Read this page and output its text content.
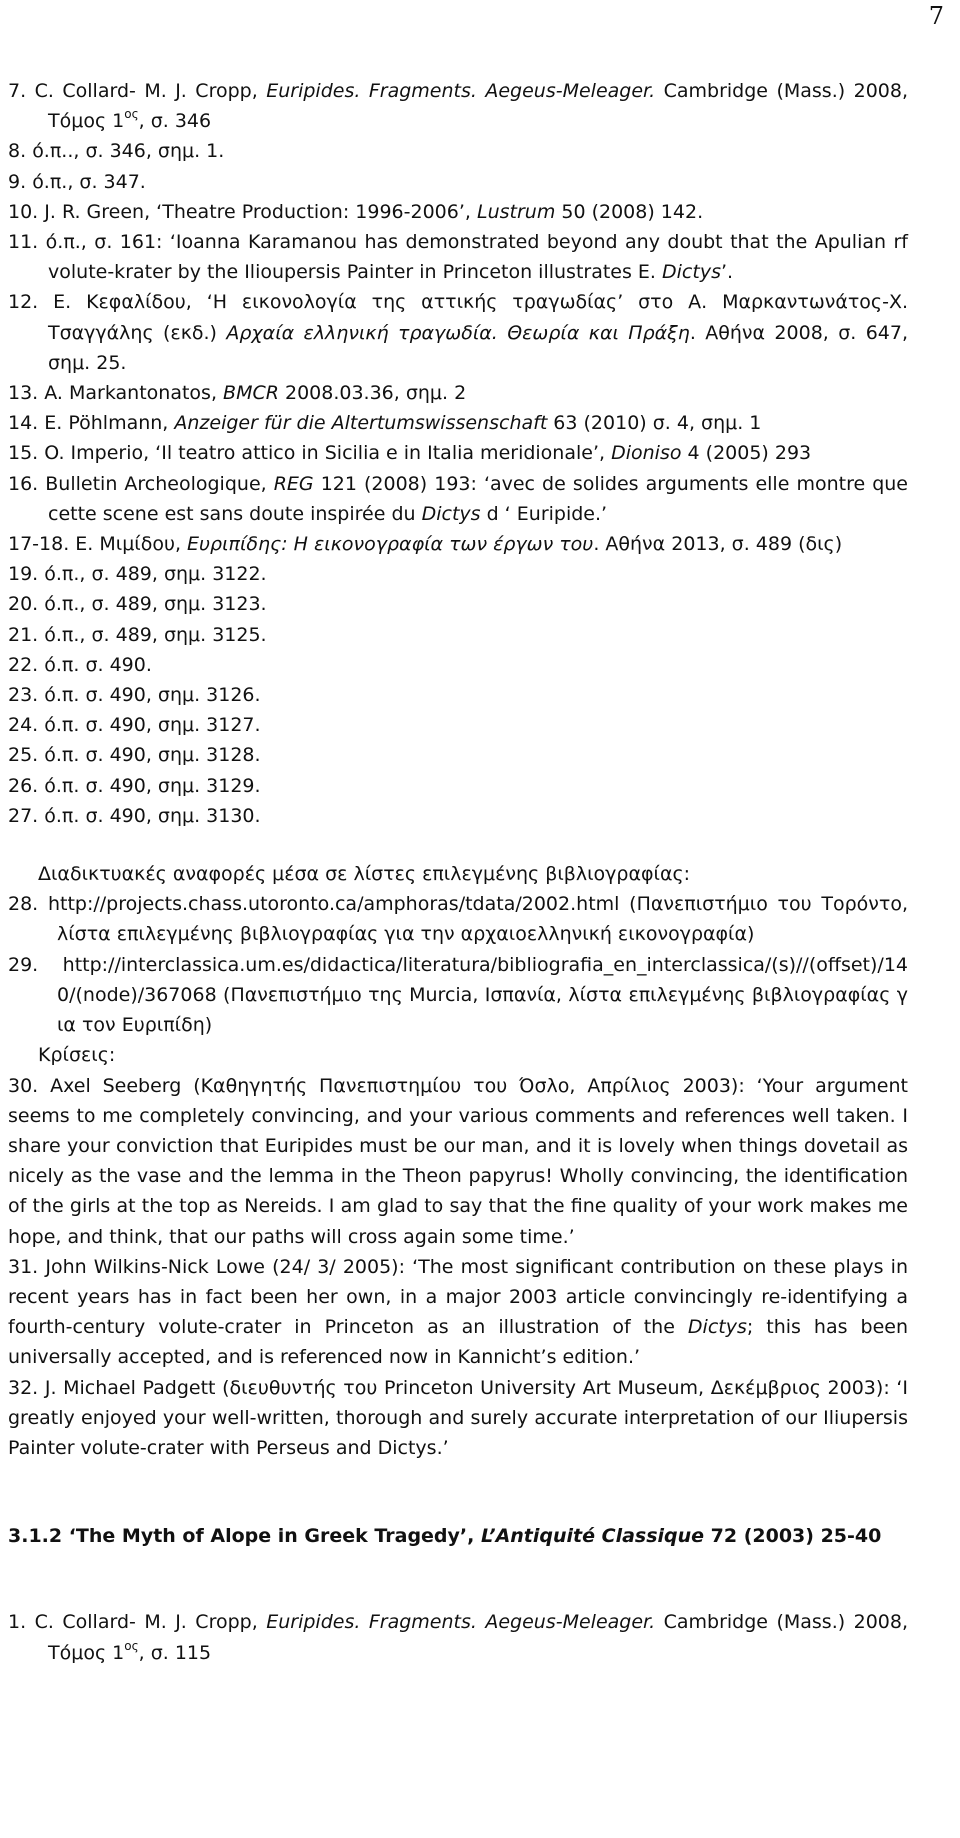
7

7. C. Collard- M. J. Cropp, Euripides. Fragments. Aegeus-Meleager. Cambridge (Mass.) 2008, Τόμος $1^{o\varsigma}$, σ. 346

8. ό.π.., σ. 346, σημ. 1.

9. ό.π., σ. 347.

10. J. R. Green, ‘Theatre Production: 1996-2006’, Lustrum 50 (2008) 142.

11. ό.π., σ. 161: ‘Ioanna Karamanou has demonstrated beyond any doubt that the Apulian rf volute-krater by the Ilioupersis Painter in Princeton illustrates E. Dictys’.

12. E. Κεφαλίδου, ‘Η εικονολογία της αττικής τραγωδίας’ στο Α. Μαρκαντωνάτος-Χ. Τσαγγάλης (εκδ.) Αρχαία ελληνική τραγωδία. Θεωρία και Πράξη. Αθήνα 2008, σ. 647, σημ. 25.

13. A. Markantonatos, BMCR 2008.03.36, σημ. 2

14. E. Pöhlmann, Anzeiger für die Altertumswissenschaft 63 (2010) σ. 4, σημ. 1

15. O. Imperio, ‘Il teatro attico in Sicilia e in Italia meridionale’, Dioniso 4 (2005) 293

16. Bulletin Archeologique, REG 121 (2008) 193: ‘avec de solides arguments elle montre que cette scene est sans doute inspirée du Dictys d ‘ Euripide.’

17-18. E. Μιμίδου, Ευριπίδης: Η εικονογραφία των έργων του. Αθήνα 2013, σ. 489 (δις)

19. ό.π., σ. 489, σημ. 3122.

20. ό.π., σ. 489, σημ. 3123.

21. ό.π., σ. 489, σημ. 3125.

22. ό.π. σ. 490.

23. ό.π. σ. 490, σημ. 3126.

24. ό.π. σ. 490, σημ. 3127.

25. ό.π. σ. 490, σημ. 3128.

26. ό.π. σ. 490, σημ. 3129.

27. ό.π. σ. 490, σημ. 3130.

Διαδικτυακές αναφορές μέσα σε λίστες επιλεγμένης βιβλιογραφίας:

28. http://projects.chass.utoronto.ca/amphoras/tdata/2002.html (Πανεπιστήμιο του Τορόντο, λίστα επιλεγμένης βιβλιογραφίας για την αρχαιοελληνική εικονογραφία)

29. http://interclassica.um.es/didactica/literatura/bibliografia_en_interclassica/(s)//(offset)/140/(node)/367068 (Πανεπιστήμιο της Murcia, Ισπανία, λίστα επιλεγμένης βιβλιογραφίας για τον Ευριπίδη)

Κρίσεις:

30. Axel Seeberg (Καθηγητής Πανεπιστημίου του Όσλο, Απρίλιος 2003): ‘Your argument seems to me completely convincing, and your various comments and references well taken. I share your conviction that Euripides must be our man, and it is lovely when things dovetail as nicely as the vase and the lemma in the Theon papyrus! Wholly convincing, the identification of the girls at the top as Nereids. I am glad to say that the fine quality of your work makes me hope, and think, that our paths will cross again some time.’

31. John Wilkins-Nick Lowe (24/ 3/ 2005): ‘The most significant contribution on these plays in recent years has in fact been her own, in a major 2003 article convincingly re-identifying a fourth-century volute-crater in Princeton as an illustration of the Dictys; this has been universally accepted, and is referenced now in Kannicht’s edition.’

32. J. Michael Padgett (διευθυντής του Princeton University Art Museum, Δεκέμβριος 2003): ‘I greatly enjoyed your well-written, thorough and surely accurate interpretation of our Iliupersis Painter volute-crater with Perseus and Dictys.’

3.1.2 ‘The Myth of Alope in Greek Tragedy’, L’Antiquité Classique 72 (2003) 25-40

1. C. Collard- M. J. Cropp, Euripides. Fragments. Aegeus-Meleager. Cambridge (Mass.) 2008, Τόμος $1^{o\varsigma}$, σ. 115
